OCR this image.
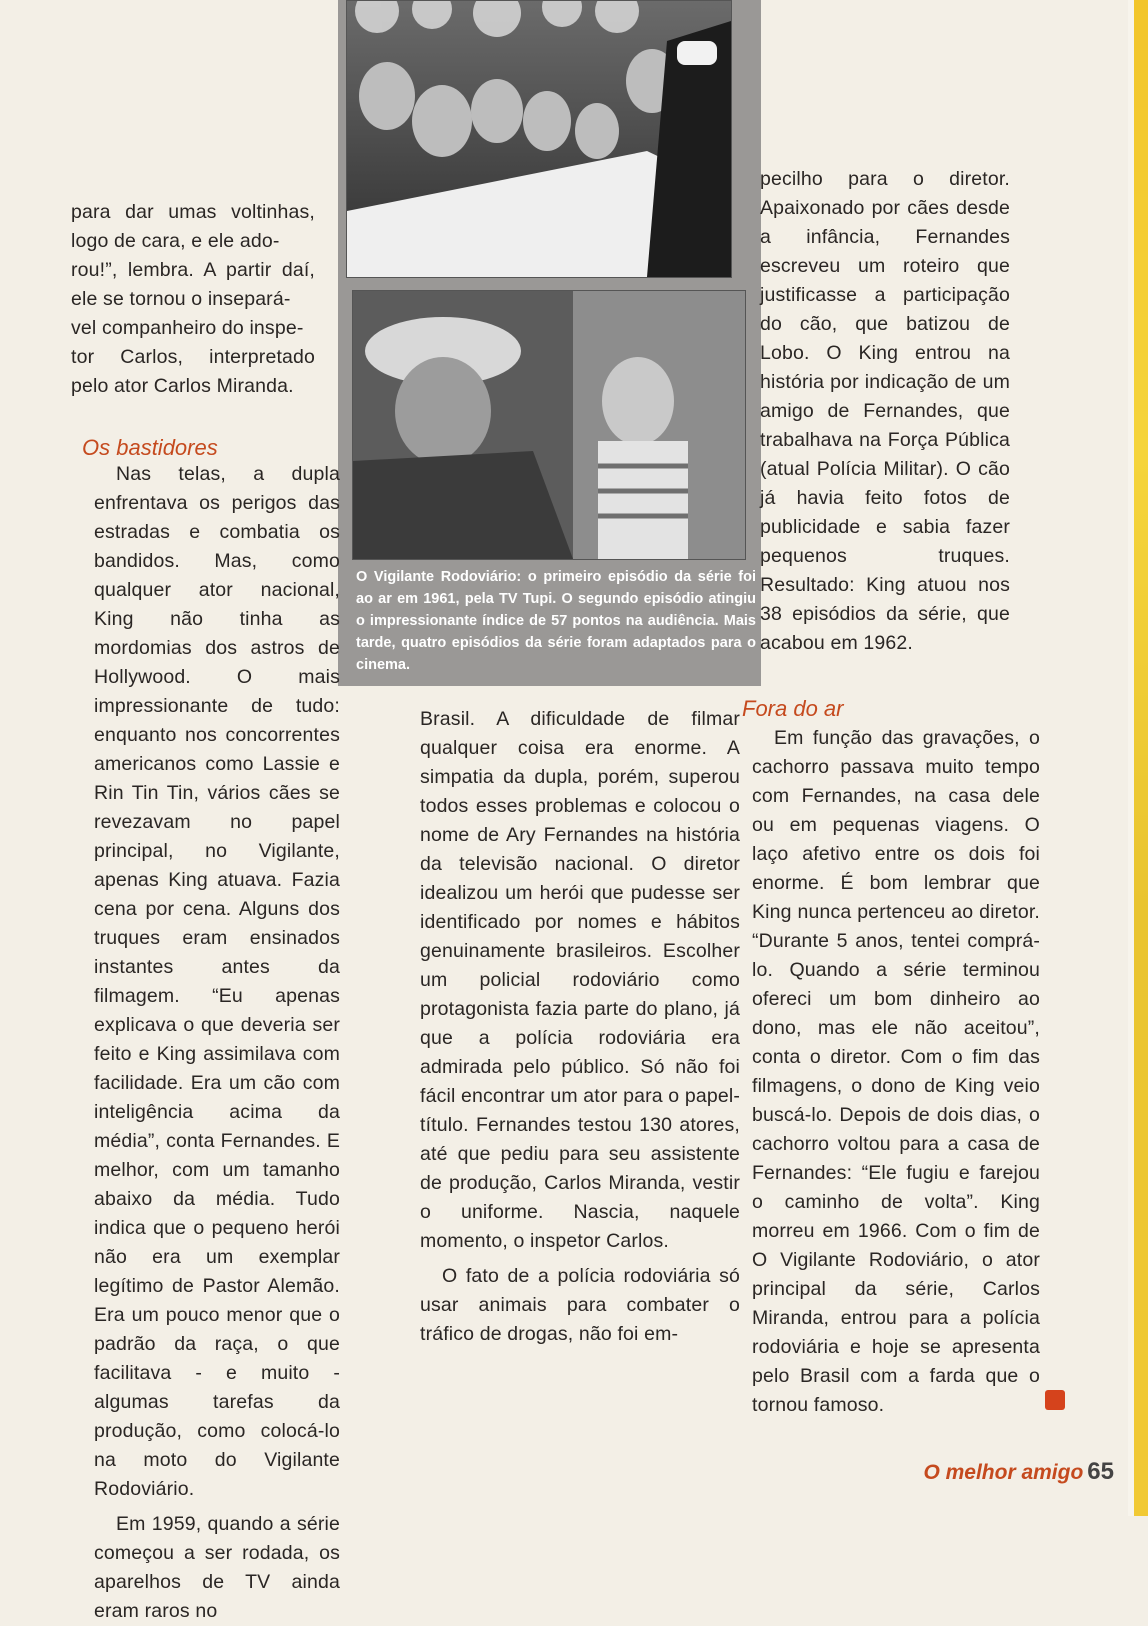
O Vigilante Rodoviário: o primeiro episódio da série foi ao ar em 1961, pela TV Tupi. O segundo episódio atingiu o impressionante índice de 57 pontos na audiência. Mais tarde, quatro episódios da série foram adaptados para o cinema.

para dar umas voltinhas, logo de cara, e ele ado-

rou!”, lembra. A partir daí, ele se tornou o insepará-

vel companheiro do inspe-

tor Carlos, interpretado pelo ator Carlos Miranda.

Os bastidores

Nas telas, a dupla enfrentava os perigos das estradas e combatia os bandidos. Mas, como qualquer ator nacional, King não tinha as mordomias dos astros de Hollywood. O mais impressionante de tudo: enquanto nos concorrentes americanos como Lassie e Rin Tin Tin, vários cães se revezavam no papel principal, no Vigilante, apenas King atuava. Fazia cena por cena. Alguns dos truques eram ensinados instantes antes da filmagem. “Eu apenas explicava o que deveria ser feito e King assimilava com facilidade. Era um cão com inteligência acima da média”, conta Fernandes. E melhor, com um tamanho abaixo da média. Tudo indica que o pequeno herói não era um exemplar legítimo de Pastor Alemão. Era um pouco menor que o padrão da raça, o que facilitava - e muito - algumas tarefas da produção, como colocá-lo na moto do Vigilante Rodoviário.

Em 1959, quando a série começou a ser rodada, os aparelhos de TV ainda eram raros no

Brasil. A dificuldade de filmar qualquer coisa era enorme. A simpatia da dupla, porém, superou todos esses problemas e colocou o nome de Ary Fernandes na história da televisão nacional. O diretor idealizou um herói que pudesse ser identificado por nomes e hábitos genuinamente brasileiros. Escolher um policial rodoviário como protagonista fazia parte do plano, já que a polícia rodoviária era admirada pelo público. Só não foi fácil encontrar um ator para o papel-título. Fernandes testou 130 atores, até que pediu para seu assistente de produção, Carlos Miranda, vestir o uniforme. Nascia, naquele momento, o inspetor Carlos.

O fato de a polícia rodoviária só usar animais para combater o tráfico de drogas, não foi em-

pecilho para o diretor. Apaixonado por cães desde a infância, Fernandes escreveu um roteiro que justificasse a participação do cão, que batizou de Lobo. O King entrou na história por indicação de um amigo de Fernandes, que trabalhava na Força Pública (atual Polícia Militar). O cão já havia feito fotos de publicidade e sabia fazer pequenos truques. Resultado: King atuou nos 38 episódios da série, que acabou em 1962.

Fora do ar

Em função das gravações, o cachorro passava muito tempo com Fernandes, na casa dele ou em pequenas viagens. O laço afetivo entre os dois foi enorme. É bom lembrar que King nunca pertenceu ao diretor. “Durante 5 anos, tentei comprá-lo. Quando a série terminou ofereci um bom dinheiro ao dono, mas ele não aceitou”, conta o diretor. Com o fim das filmagens, o dono de King veio buscá-lo. Depois de dois dias, o cachorro voltou para a casa de Fernandes: “Ele fugiu e farejou o caminho de volta”. King morreu em 1966. Com o fim de O Vigilante Rodoviário, o ator principal da série, Carlos Miranda, entrou para a polícia rodoviária e hoje se apresenta pelo Brasil com a farda que o tornou famoso.

O melhor amigo 65
